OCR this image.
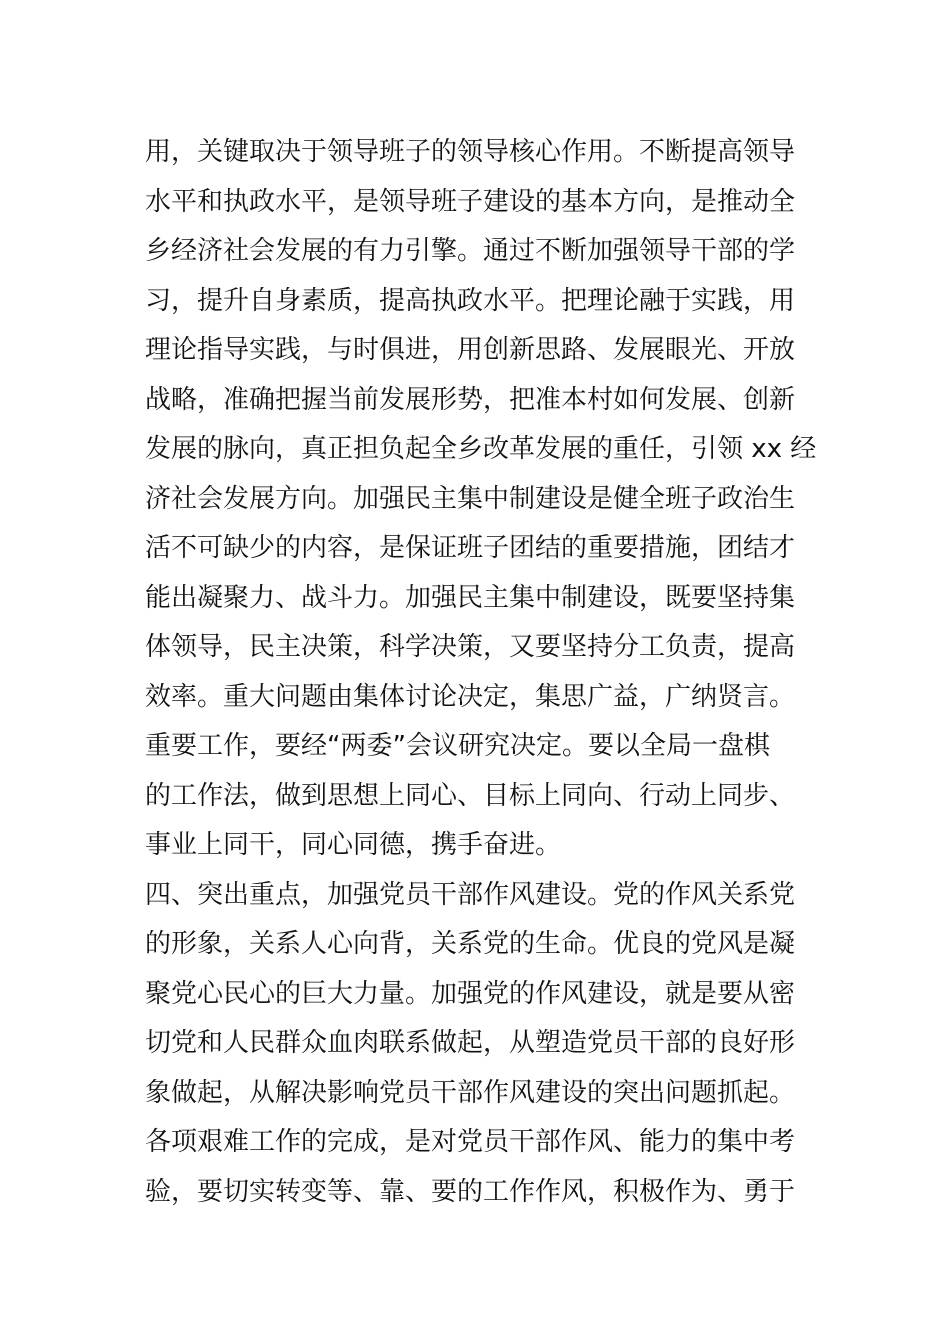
用，关键取决于领导班子的领导核心作用。不断提高领导
水平和执政水平，是领导班子建设的基本方向，是推动全
乡经济社会发展的有力引擎。通过不断加强领导干部的学
习，提升自身素质，提高执政水平。把理论融于实践，用
理论指导实践，与时俱进，用创新思路、发展眼光、开放
战略，准确把握当前发展形势，把准本村如何发展、创新
发展的脉向，真正担负起全乡改革发展的重任，引领 xx 经
济社会发展方向。加强民主集中制建设是健全班子政治生
活不可缺少的内容，是保证班子团结的重要措施，团结才
能出凝聚力、战斗力。加强民主集中制建设，既要坚持集
体领导，民主决策，科学决策，又要坚持分工负责，提高
效率。重大问题由集体讨论决定，集思广益，广纳贤言。
重要工作，要经“两委”会议研究决定。要以全局一盘棋
的工作法，做到思想上同心、目标上同向、行动上同步、
事业上同干，同心同德，携手奋进。
四、突出重点，加强党员干部作风建设。党的作风关系党
的形象，关系人心向背，关系党的生命。优良的党风是凝
聚党心民心的巨大力量。加强党的作风建设，就是要从密
切党和人民群众血肉联系做起，从塑造党员干部的良好形
象做起，从解决影响党员干部作风建设的突出问题抓起。
各项艰难工作的完成，是对党员干部作风、能力的集中考
验，要切实转变等、靠、要的工作作风，积极作为、勇于
